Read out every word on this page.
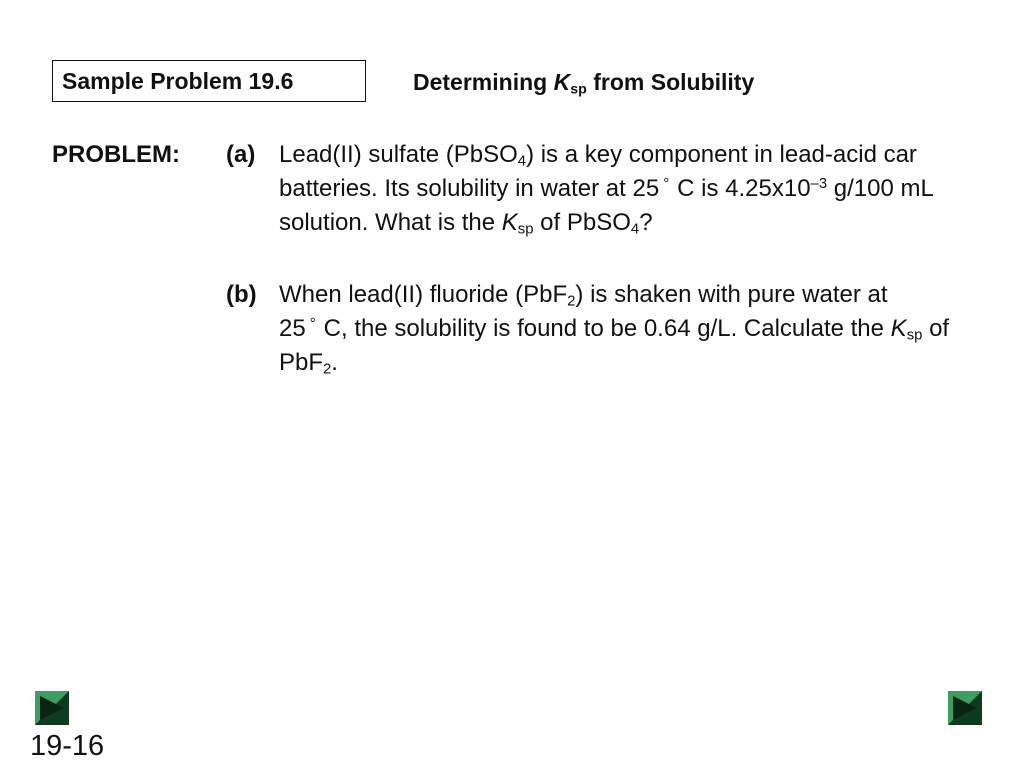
Sample Problem 19.6	Determining $K_{sp}$ from Solubility
PROBLEM: (a) Lead(II) sulfate (PbSO$_4$) is a key component in lead-acid car batteries. Its solubility in water at 25 ° C is $4.25x10^{-3}$ g/100 mL solution. What is the $K_{sp}$ of PbSO$_4$?
(b) When lead(II) fluoride (PbF$_2$) is shaken with pure water at 25 ° C, the solubility is found to be 0.64 g/L. Calculate the $K_{sp}$ of PbF$_2$.
19-16
